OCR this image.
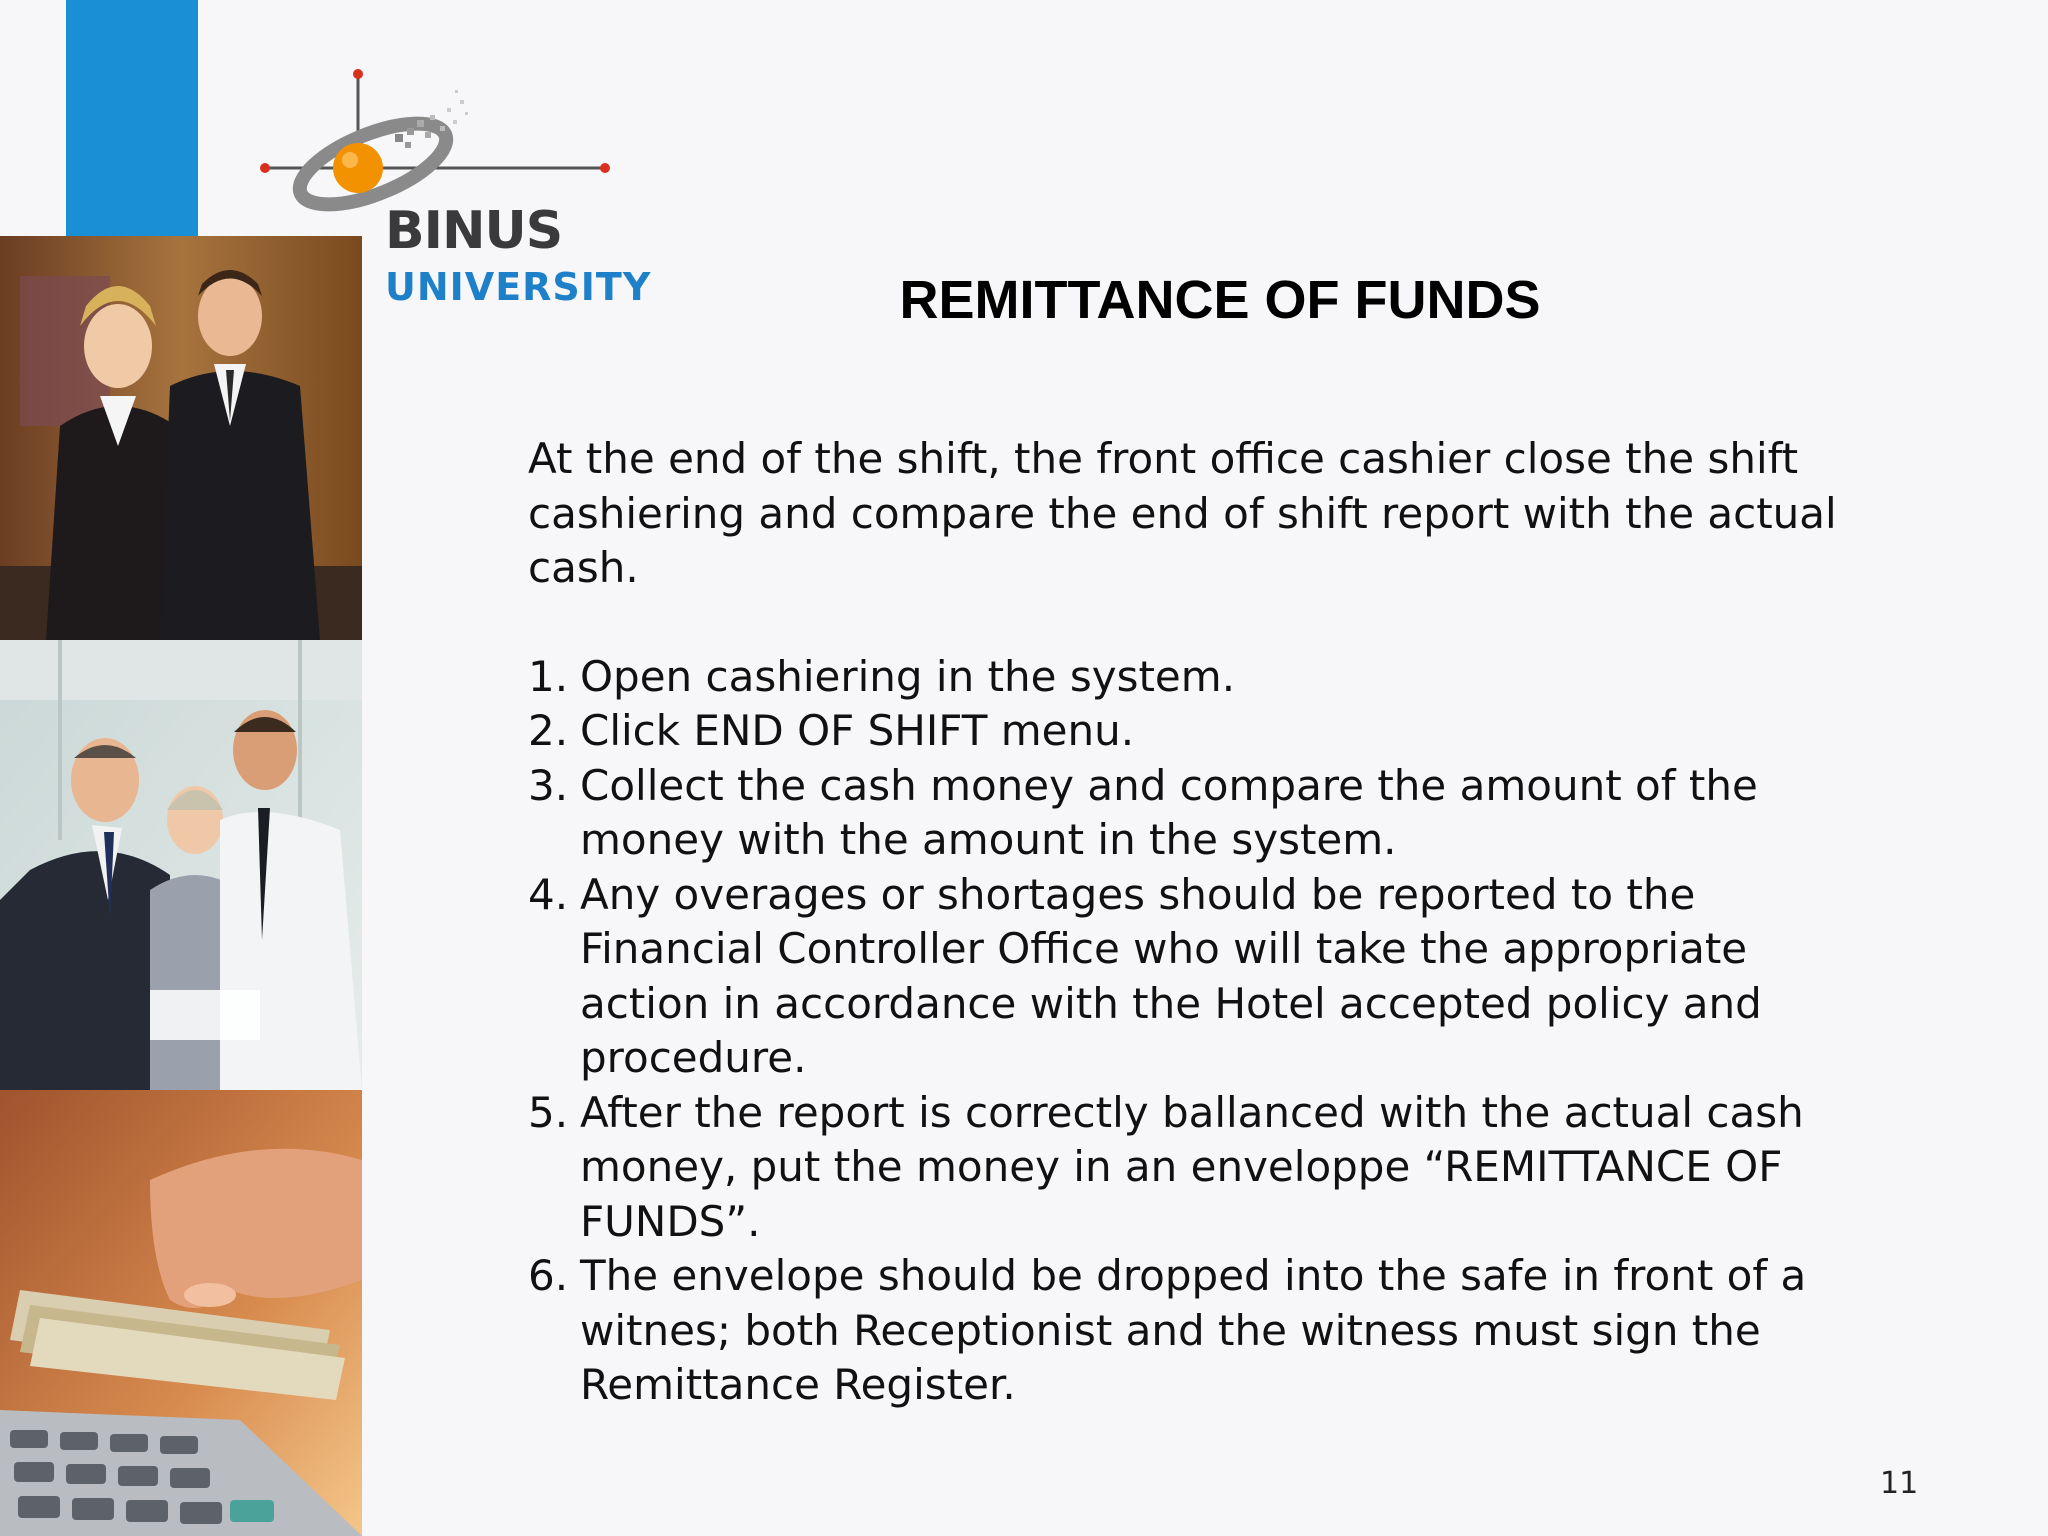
BINUS
UNIVERSITY	REMITTANCE OF FUNDS

At the end of the shift, the front office cashier close the shift cashiering and compare the end of shift report with the actual cash.

1. Open cashiering in the system.
2. Click END OF SHIFT menu.
3. Collect the cash money and compare the amount of the money with the amount in the system.
4. Any overages or shortages should be reported to the Financial Controller Office who will take the appropriate action in accordance with the Hotel accepted policy and procedure.
5. After the report is correctly ballanced with the actual cash money, put the money in an enveloppe “REMITTANCE OF FUNDS”.
6. The envelope should be dropped into the safe in front of a witnes; both Receptionist and the witness must sign the Remittance Register.
11
